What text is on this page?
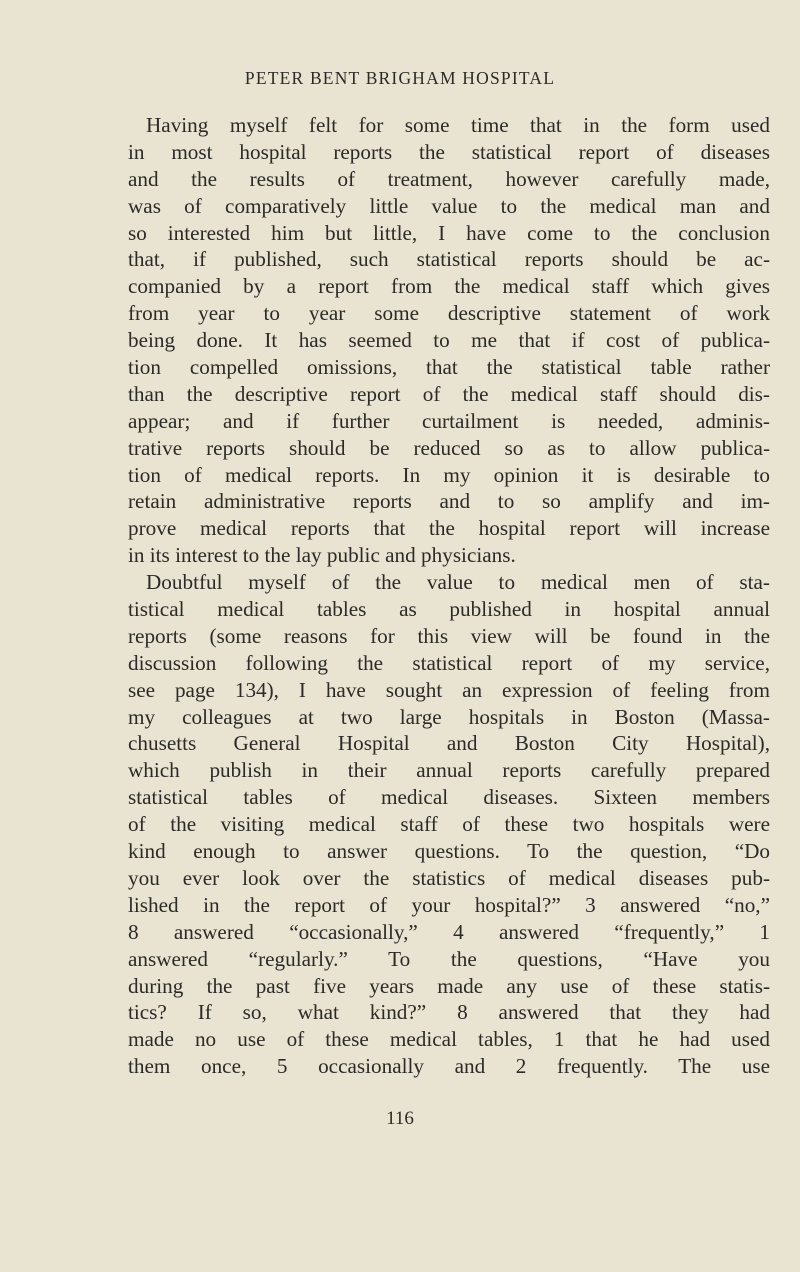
PETER BENT BRIGHAM HOSPITAL
Having myself felt for some time that in the form used
in most hospital reports the statistical report of diseases
and the results of treatment, however carefully made,
was of comparatively little value to the medical man and
so interested him but little, I have come to the conclusion
that, if published, such statistical reports should be ac-
companied by a report from the medical staff which gives
from year to year some descriptive statement of work
being done. It has seemed to me that if cost of publica-
tion compelled omissions, that the statistical table rather
than the descriptive report of the medical staff should dis-
appear; and if further curtailment is needed, adminis-
trative reports should be reduced so as to allow publica-
tion of medical reports. In my opinion it is desirable to
retain administrative reports and to so amplify and im-
prove medical reports that the hospital report will increase
in its interest to the lay public and physicians.
Doubtful myself of the value to medical men of sta-
tistical medical tables as published in hospital annual
reports (some reasons for this view will be found in the
discussion following the statistical report of my service,
see page 134), I have sought an expression of feeling from
my colleagues at two large hospitals in Boston (Massa-
chusetts General Hospital and Boston City Hospital),
which publish in their annual reports carefully prepared
statistical tables of medical diseases. Sixteen members
of the visiting medical staff of these two hospitals were
kind enough to answer questions. To the question, “Do
you ever look over the statistics of medical diseases pub-
lished in the report of your hospital?” 3 answered “no,”
8 answered “occasionally,” 4 answered “frequently,” 1
answered “regularly.” To the questions, “Have you
during the past five years made any use of these statis-
tics? If so, what kind?” 8 answered that they had
made no use of these medical tables, 1 that he had used
them once, 5 occasionally and 2 frequently. The use
116
